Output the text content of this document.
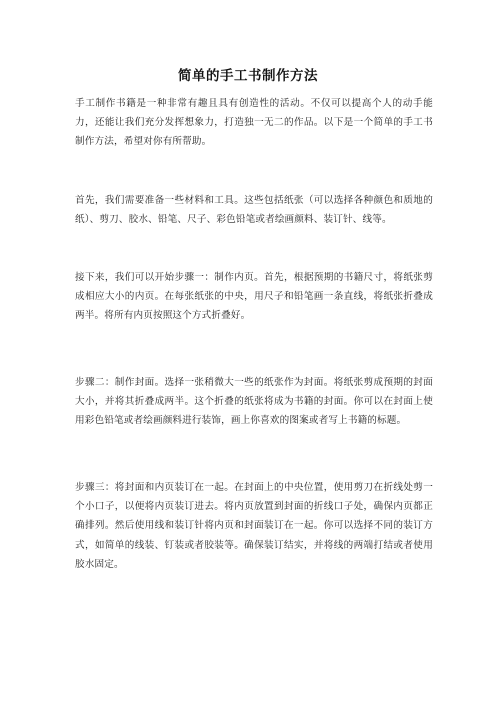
简单的手工书制作方法
手工制作书籍是一种非常有趣且具有创造性的活动。不仅可以提高个人的动手能力，还能让我们充分发挥想象力，打造独一无二的作品。以下是一个简单的手工书制作方法，希望对你有所帮助。
首先，我们需要准备一些材料和工具。这些包括纸张（可以选择各种颜色和质地的纸）、剪刀、胶水、铅笔、尺子、彩色铅笔或者绘画颜料、装订针、线等。
接下来，我们可以开始步骤一：制作内页。首先，根据预期的书籍尺寸，将纸张剪成相应大小的内页。在每张纸张的中央，用尺子和铅笔画一条直线，将纸张折叠成两半。将所有内页按照这个方式折叠好。
步骤二：制作封面。选择一张稍微大一些的纸张作为封面。将纸张剪成预期的封面大小，并将其折叠成两半。这个折叠的纸张将成为书籍的封面。你可以在封面上使用彩色铅笔或者绘画颜料进行装饰，画上你喜欢的图案或者写上书籍的标题。
步骤三：将封面和内页装订在一起。在封面上的中央位置，使用剪刀在折线处剪一个小口子，以便将内页装订进去。将内页放置到封面的折线口子处，确保内页都正确排列。然后使用线和装订针将内页和封面装订在一起。你可以选择不同的装订方式，如简单的线装、钉装或者胶装等。确保装订结实，并将线的两端打结或者使用胶水固定。
